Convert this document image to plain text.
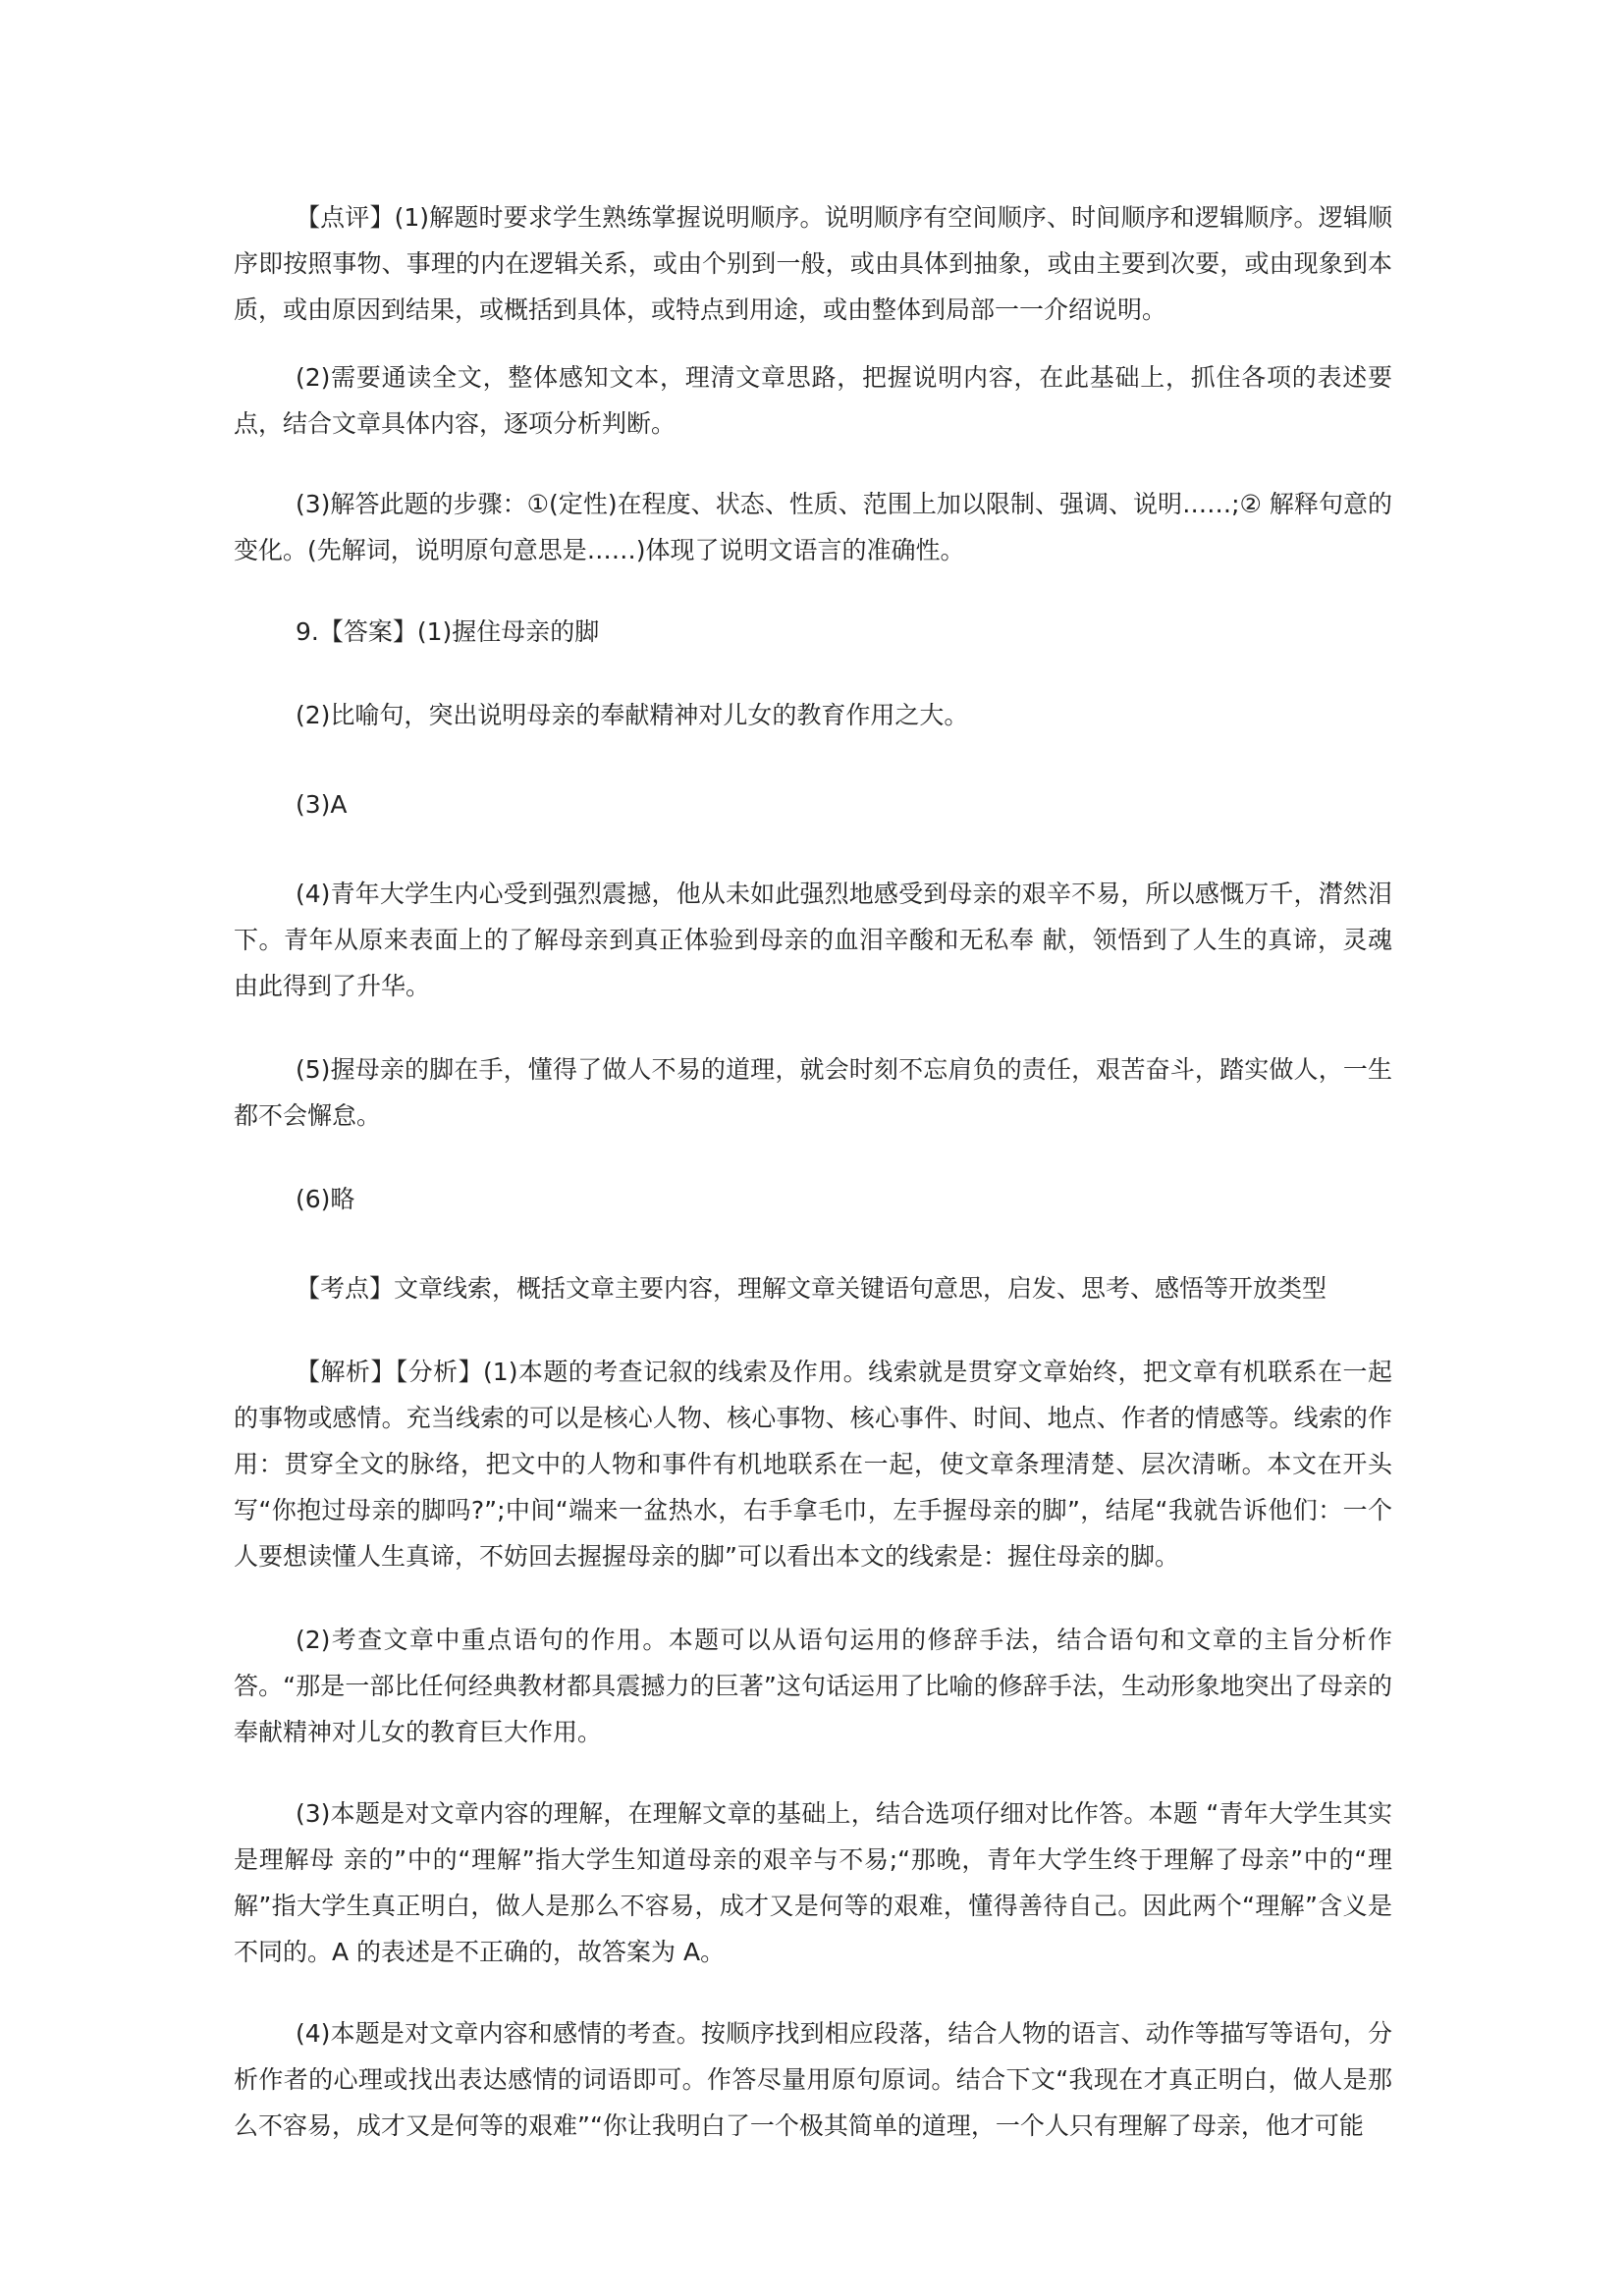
【点评】(1)解题时要求学生熟练掌握说明顺序。说明顺序有空间顺序、时间顺序和逻辑顺序。逻辑顺序即按照事物、事理的内在逻辑关系，或由个别到一般，或由具体到抽象，或由主要到次要，或由现象到本质，或由原因到结果，或概括到具体，或特点到用途，或由整体到局部一一介绍说明。

(2)需要通读全文，整体感知文本，理清文章思路，把握说明内容，在此基础上，抓住各项的表述要点，结合文章具体内容，逐项分析判断。

(3)解答此题的步骤：①(定性)在程度、状态、性质、范围上加以限制、强调、说明……;② 解释句意的变化。(先解词，说明原句意思是……)体现了说明文语言的准确性。

9.【答案】(1)握住母亲的脚

(2)比喻句，突出说明母亲的奉献精神对儿女的教育作用之大。

(3)A

(4)青年大学生内心受到强烈震撼，他从未如此强烈地感受到母亲的艰辛不易，所以感慨万千，潸然泪下。青年从原来表面上的了解母亲到真正体验到母亲的血泪辛酸和无私奉 献，领悟到了人生的真谛，灵魂由此得到了升华。

(5)握母亲的脚在手，懂得了做人不易的道理，就会时刻不忘肩负的责任，艰苦奋斗，踏实做人，一生都不会懈怠。

(6)略

【考点】文章线索，概括文章主要内容，理解文章关键语句意思，启发、思考、感悟等开放类型

【解析】【分析】(1)本题的考查记叙的线索及作用。线索就是贯穿文章始终，把文章有机联系在一起的事物或感情。充当线索的可以是核心人物、核心事物、核心事件、时间、地点、作者的情感等。线索的作用：贯穿全文的脉络，把文中的人物和事件有机地联系在一起，使文章条理清楚、层次清晰。本文在开头写“你抱过母亲的脚吗?”;中间“端来一盆热水，右手拿毛巾，左手握母亲的脚”，结尾“我就告诉他们：一个人要想读懂人生真谛，不妨回去握握母亲的脚”可以看出本文的线索是：握住母亲的脚。

(2)考查文章中重点语句的作用。本题可以从语句运用的修辞手法，结合语句和文章的主旨分析作答。“那是一部比任何经典教材都具震撼力的巨著”这句话运用了比喻的修辞手法，生动形象地突出了母亲的奉献精神对儿女的教育巨大作用。

(3)本题是对文章内容的理解，在理解文章的基础上，结合选项仔细对比作答。本题 “青年大学生其实是理解母 亲的”中的“理解”指大学生知道母亲的艰辛与不易;“那晚，青年大学生终于理解了母亲”中的“理解”指大学生真正明白，做人是那么不容易，成才又是何等的艰难，懂得善待自己。因此两个“理解”含义是不同的。A 的表述是不正确的，故答案为 A。

(4)本题是对文章内容和感情的考查。按顺序找到相应段落，结合人物的语言、动作等描写等语句，分析作者的心理或找出表达感情的词语即可。作答尽量用原句原词。结合下文“我现在才真正明白，做人是那么不容易，成才又是何等的艰难”“你让我明白了一个极其简单的道理，一个人只有理解了母亲，他才可能
